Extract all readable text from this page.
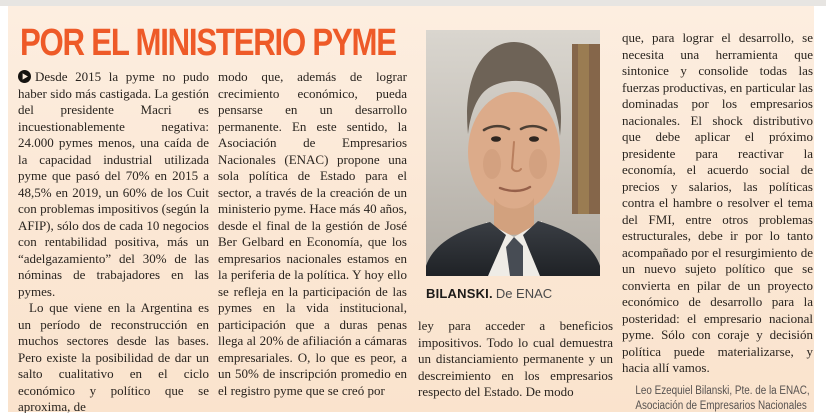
POR EL MINISTERIO PYME

Desde 2015 la pyme no pudo haber sido más castigada. La gestión del presidente Macri es incuestionablemente negativa: 24.000 pymes menos, una caída de la capacidad industrial utilizada pyme que pasó del 70% en 2015 a 48,5% en 2019, un 60% de los Cuit con problemas impositivos (según la AFIP), sólo dos de cada 10 negocios con rentabilidad positiva, más un “adelgazamiento” del 30% de las nóminas de trabajadores en las pymes.

Lo que viene en la Argentina es un período de reconstrucción en muchos sectores desde las bases. Pero existe la posibilidad de dar un salto cualitativo en el ciclo económico y político que se aproxima, de

modo que, además de lograr crecimiento económico, pueda pensarse en un desarrollo permanente. En este sentido, la Asociación de Empresarios Nacionales (ENAC) propone una sola política de Estado para el sector, a través de la creación de un ministerio pyme. Hace más 40 años, desde el final de la gestión de José Ber Gelbard en Economía, que los empresarios nacionales estamos en la periferia de la política. Y hoy ello se refleja en la participación de las pymes en la vida institucional, participación que a duras penas llega al 20% de afiliación a cámaras empresariales. O, lo que es peor, a un 50% de inscripción promedio en el registro pyme que se creó por

BILANSKI. De ENAC

ley para acceder a beneficios impositivos. Todo lo cual demuestra un distanciamiento permanente y un descreimiento en los empresarios respecto del Estado. De modo

que, para lograr el desarrollo, se necesita una herramienta que sintonice y consolide todas las fuerzas productivas, en particular las dominadas por los empresarios nacionales. El shock distributivo que debe aplicar el próximo presidente para reactivar la economía, el acuerdo social de precios y salarios, las políticas contra el hambre o resolver el tema del FMI, entre otros problemas estructurales, debe ir por lo tanto acompañado por el resurgimiento de un nuevo sujeto político que se convierta en pilar de un proyecto económico de desarrollo para la posteridad: el empresario nacional pyme. Sólo con coraje y decisión política puede materializarse, y hacia allí vamos.

Leo Ezequiel Bilanski, Pte. de la ENAC,
Asociación de Empresarios Nacionales
